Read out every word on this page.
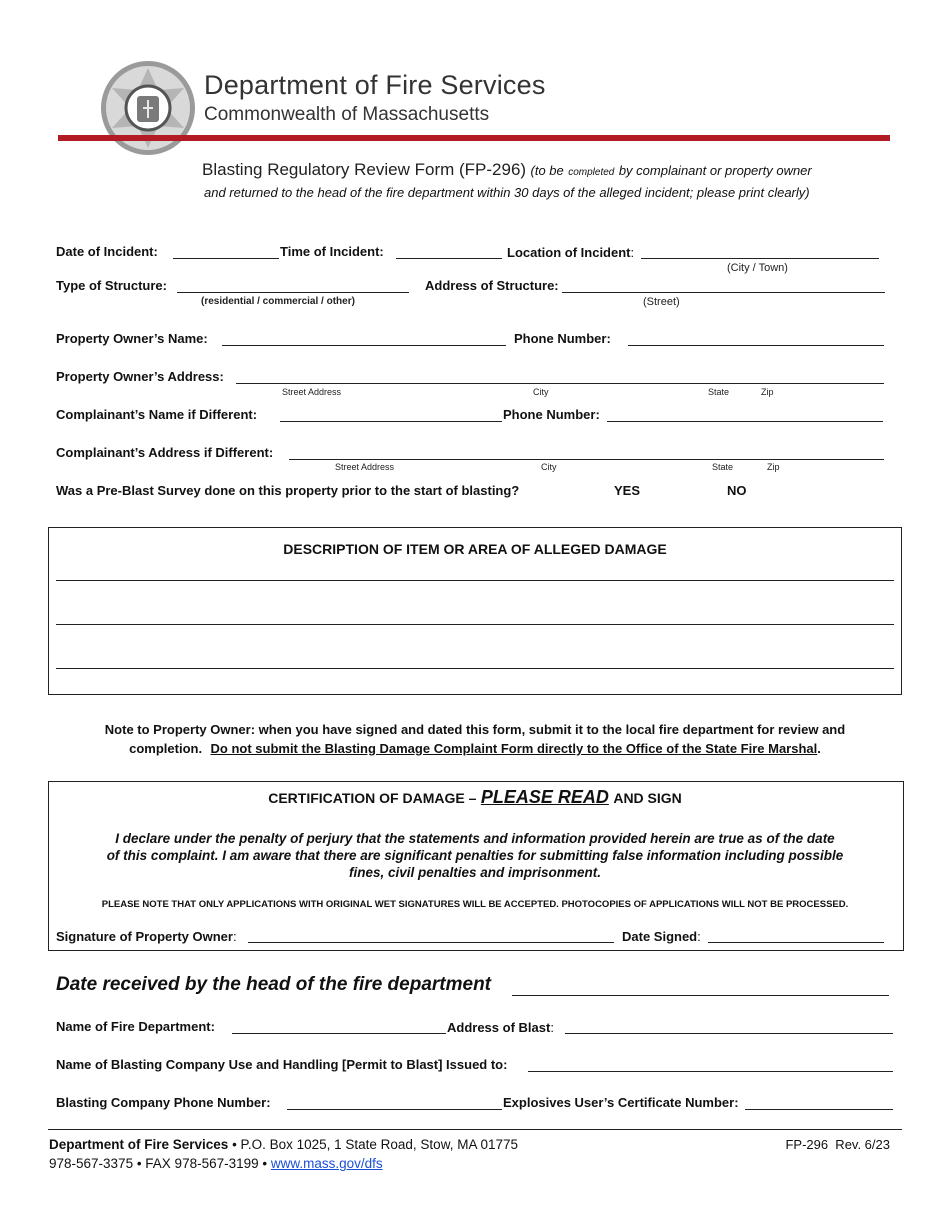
Department of Fire Services
Commonwealth of Massachusetts
Blasting Regulatory Review Form (FP-296) (to be completed by complainant or property owner
and returned to the head of the fire department within 30 days of the alleged incident; please print clearly)
Date of Incident:	Time of Incident:	Location of Incident:
(City / Town)
Type of Structure:
(residential / commercial / other)
Address of Structure:
(Street)
Property Owner’s Name:	Phone Number:
Property Owner’s Address:
Street Address	City	State	Zip
Complainant’s Name if Different:	Phone Number:
Complainant’s Address if Different:
Street Address	City	State	Zip
Was a Pre-Blast Survey done on this property prior to the start of blasting?	YES	NO
DESCRIPTION OF ITEM OR AREA OF ALLEGED DAMAGE
Note to Property Owner: when you have signed and dated this form, submit it to the local fire department for review and
completion. Do not submit the Blasting Damage Complaint Form directly to the Office of the State Fire Marshal.
CERTIFICATION OF DAMAGE – PLEASE READ AND SIGN
I declare under the penalty of perjury that the statements and information provided herein are true as of the date
of this complaint. I am aware that there are significant penalties for submitting false information including possible
fines, civil penalties and imprisonment.
PLEASE NOTE THAT ONLY APPLICATIONS WITH ORIGINAL WET SIGNATURES WILL BE ACCEPTED. PHOTOCOPIES OF APPLICATIONS WILL NOT BE PROCESSED.
Signature of Property Owner:	Date Signed:
Date received by the head of the fire department
Name of Fire Department:	Address of Blast:
Name of Blasting Company Use and Handling [Permit to Blast] Issued to:
Blasting Company Phone Number:	Explosives User’s Certificate Number:
Department of Fire Services • P.O. Box 1025, 1 State Road, Stow, MA 01775
978-567-3375 • FAX 978-567-3199 • www.mass.gov/dfs
FP-296  Rev. 6/23
